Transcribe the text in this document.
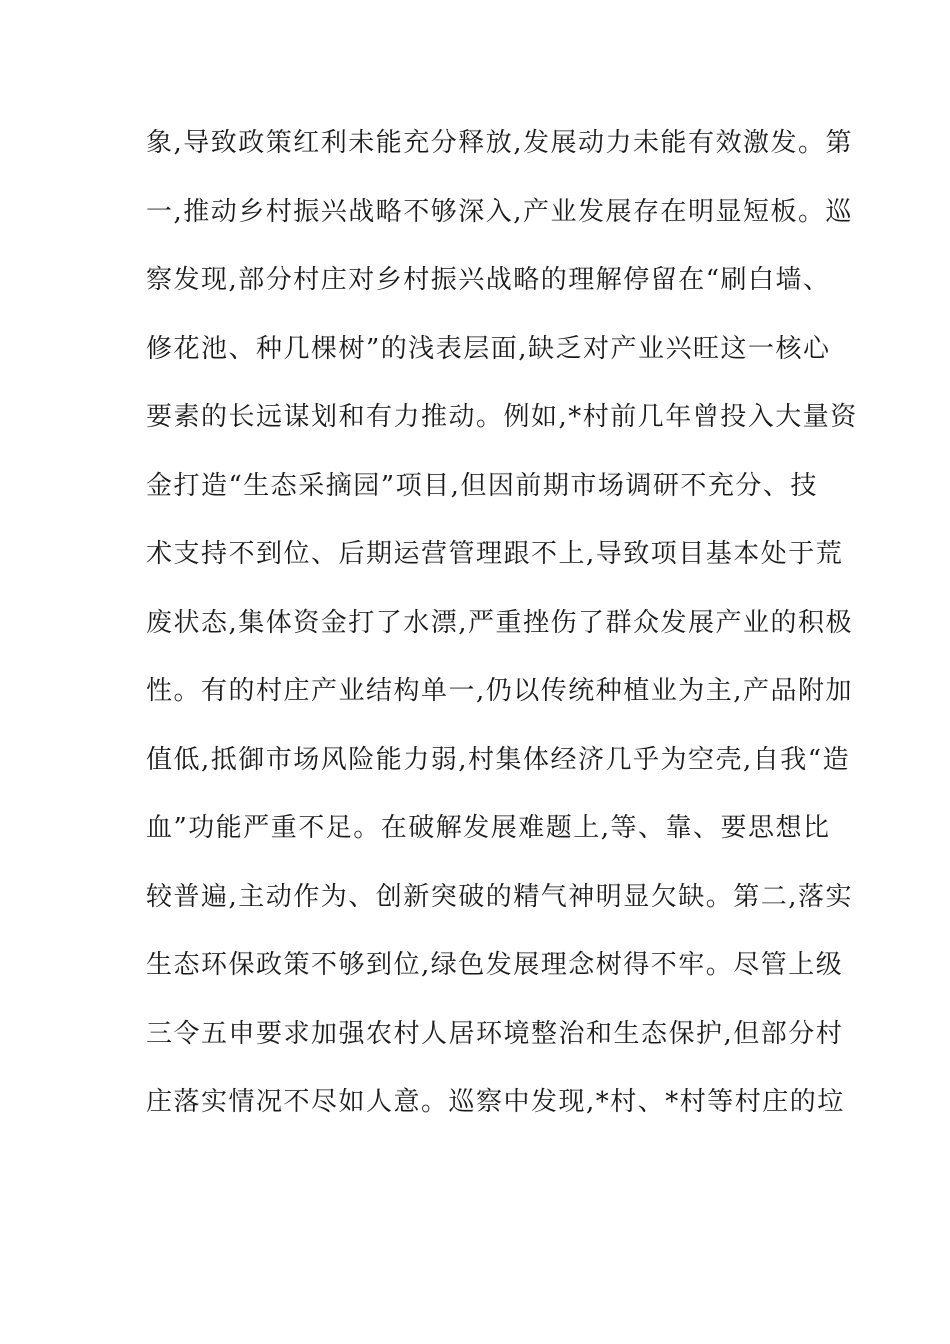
象,导致政策红利未能充分释放,发展动力未能有效激发。第
一,推动乡村振兴战略不够深入,产业发展存在明显短板。巡
察发现,部分村庄对乡村振兴战略的理解停留在“刷白墙、
修花池、种几棵树”的浅表层面,缺乏对产业兴旺这一核心
要素的长远谋划和有力推动。例如,*村前几年曾投入大量资
金打造“生态采摘园”项目,但因前期市场调研不充分、技
术支持不到位、后期运营管理跟不上,导致项目基本处于荒
废状态,集体资金打了水漂,严重挫伤了群众发展产业的积极
性。有的村庄产业结构单一,仍以传统种植业为主,产品附加
值低,抵御市场风险能力弱,村集体经济几乎为空壳,自我“造
血”功能严重不足。在破解发展难题上,等、靠、要思想比
较普遍,主动作为、创新突破的精气神明显欠缺。第二,落实
生态环保政策不够到位,绿色发展理念树得不牢。尽管上级
三令五申要求加强农村人居环境整治和生态保护,但部分村
庄落实情况不尽如人意。巡察中发现,*村、*村等村庄的垃
